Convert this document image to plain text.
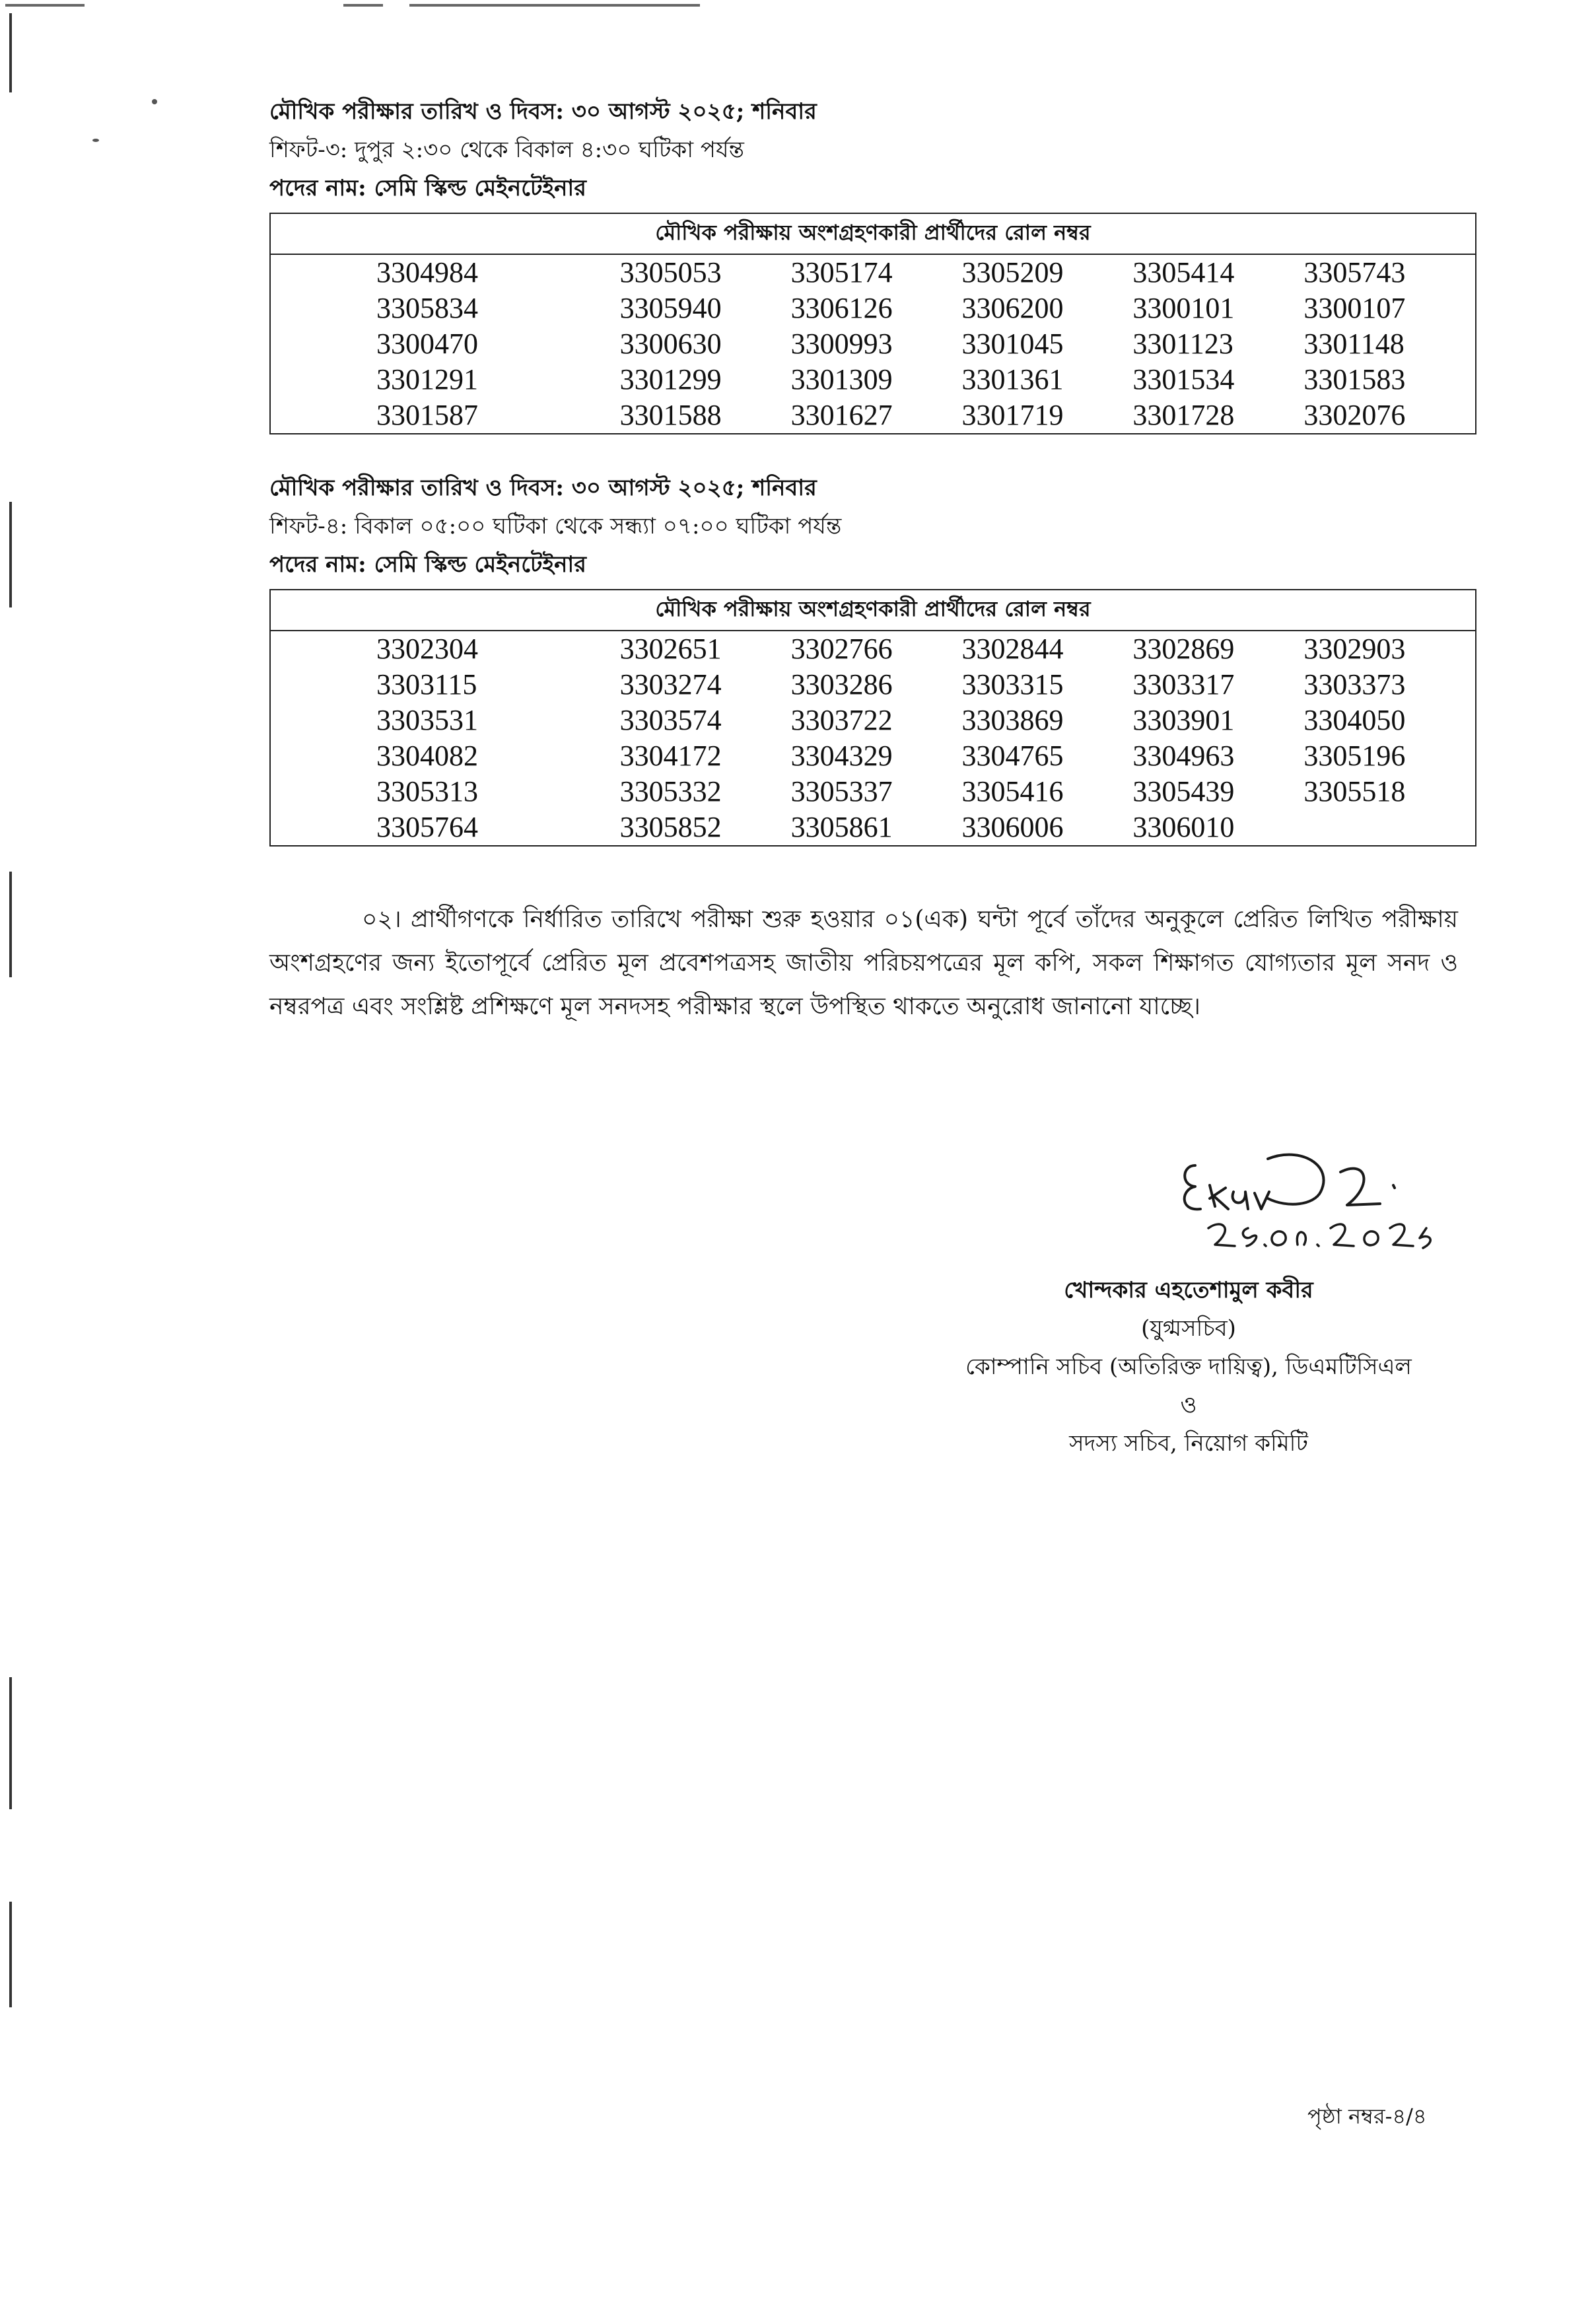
মৌখিক পরীক্ষার তারিখ ও দিবস: ৩০ আগস্ট ২০২৫; শনিবার
শিফট-৩: দুপুর ২:৩০ থেকে বিকাল ৪:৩০ ঘটিকা পর্যন্ত
পদের নাম: সেমি স্কিল্ড মেইনটেইনার
মৌখিক পরীক্ষায় অংশগ্রহণকারী প্রার্থীদের রোল নম্বর					
3304984	3305053	3305174	3305209	3305414	3305743
3305834	3305940	3306126	3306200	3300101	3300107
3300470	3300630	3300993	3301045	3301123	3301148
3301291	3301299	3301309	3301361	3301534	3301583
3301587	3301588	3301627	3301719	3301728	3302076
মৌখিক পরীক্ষার তারিখ ও দিবস: ৩০ আগস্ট ২০২৫; শনিবার
শিফট-৪: বিকাল ০৫:০০ ঘটিকা থেকে সন্ধ্যা ০৭:০০ ঘটিকা পর্যন্ত
পদের নাম: সেমি স্কিল্ড মেইনটেইনার
মৌখিক পরীক্ষায় অংশগ্রহণকারী প্রার্থীদের রোল নম্বর					
3302304	3302651	3302766	3302844	3302869	3302903
3303115	3303274	3303286	3303315	3303317	3303373
3303531	3303574	3303722	3303869	3303901	3304050
3304082	3304172	3304329	3304765	3304963	3305196
3305313	3305332	3305337	3305416	3305439	3305518
3305764	3305852	3305861	3306006	3306010	
০২। প্রার্থীগণকে নির্ধারিত তারিখে পরীক্ষা শুরু হওয়ার ০১(এক) ঘন্টা পূর্বে তাঁদের অনুকূলে প্রেরিত লিখিত পরীক্ষায় অংশগ্রহণের জন্য ইতোপূর্বে প্রেরিত মূল প্রবেশপত্রসহ জাতীয় পরিচয়পত্রের মূল কপি, সকল শিক্ষাগত যোগ্যতার মূল সনদ ও নম্বরপত্র এবং সংশ্লিষ্ট প্রশিক্ষণে মূল সনদসহ পরীক্ষার স্থলে উপস্থিত থাকতে অনুরোধ জানানো যাচ্ছে।
খোন্দকার এহতেশামুল কবীর
(যুগ্মসচিব)
কোম্পানি সচিব (অতিরিক্ত দায়িত্ব), ডিএমটিসিএল
ও
সদস্য সচিব, নিয়োগ কমিটি
পৃষ্ঠা নম্বর-৪/৪
